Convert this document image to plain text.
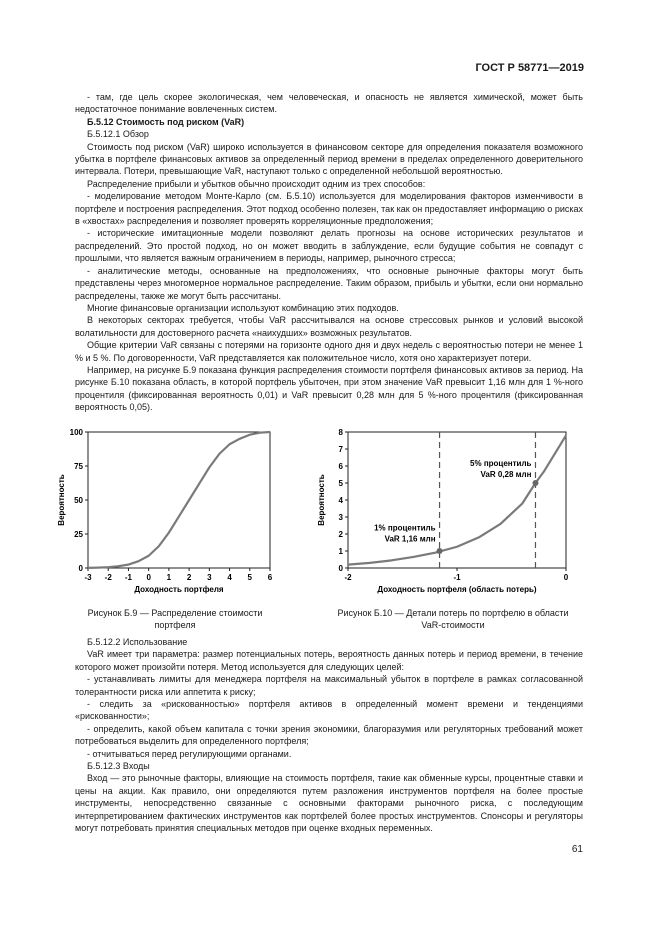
ГОСТ Р 58771—2019

- там, где цель скорее экологическая, чем человеческая, и опасность не является химической, может быть недостаточное понимание вовлеченных систем.

Б.5.12 Стоимость под риском (VaR)

Б.5.12.1 Обзор

Стоимость под риском (VaR) широко используется в финансовом секторе для определения показателя возможного убытка в портфеле финансовых активов за определенный период времени в пределах определенного доверительного интервала. Потери, превышающие VaR, наступают только с определенной небольшой вероятностью.

Распределение прибыли и убытков обычно происходит одним из трех способов:

- моделирование методом Монте-Карло (см. Б.5.10) используется для моделирования факторов изменчивости в портфеле и построения распределения. Этот подход особенно полезен, так как он предоставляет информацию о рисках в «хвостах» распределения и позволяет проверять корреляционные предположения;

- исторические имитационные модели позволяют делать прогнозы на основе исторических результатов и распределений. Это простой подход, но он может вводить в заблуждение, если будущие события не совпадут с прошлыми, что является важным ограничением в периоды, например, рыночного стресса;

- аналитические методы, основанные на предположениях, что основные рыночные факторы могут быть представлены через многомерное нормальное распределение. Таким образом, прибыль и убытки, если они нормально распределены, также же могут быть рассчитаны.

Многие финансовые организации используют комбинацию этих подходов.

В некоторых секторах требуется, чтобы VaR рассчитывался на основе стрессовых рынков и условий высокой волатильности для достоверного расчета «наихудших» возможных результатов.

Общие критерии VaR связаны с потерями на горизонте одного дня и двух недель с вероятностью потери не менее 1 % и 5 %. По договоренности, VaR представляется как положительное число, хотя оно характеризует потери.

Например, на рисунке Б.9 показана функция распределения стоимости портфеля финансовых активов за период. На рисунке Б.10 показана область, в которой портфель убыточен, при этом значение VaR превысит 1,16 млн для 1 %-ного процентиля (фиксированная вероятность 0,01) и VaR превысит 0,28 млн для 5 %-ного процентиля (фиксированная вероятность 0,05).

0
25
50
75
100
-3 -2 -1 0 1 2 3 4 5 6
Доходность портфеля
Вероятность
0
1
2
3
4
5
6
7
8
-2	-1	0
Доходность портфеля (область потерь)
Вероятность
1% процентиль
VaR 1,16 млн
5% процентиль
VaR 0,28 млн
Рисунок Б.9 — Распределение стоимости
портфеля
Рисунок Б.10 — Детали потерь по портфелю в области
VaR-стоимости

Б.5.12.2 Использование

VaR имеет три параметра: размер потенциальных потерь, вероятность данных потерь и период времени, в течение которого может произойти потеря. Метод используется для следующих целей:

- устанавливать лимиты для менеджера портфеля на максимальный убыток в портфеле в рамках согласованной толерантности риска или аппетита к риску;

- следить за «рискованностью» портфеля активов в определенный момент времени и тенденциями «рискованности»;

- определить, какой объем капитала с точки зрения экономики, благоразумия или регуляторных требований может потребоваться выделить для определенного портфеля;

- отчитываться перед регулирующими органами.

Б.5.12.3 Входы

Вход — это рыночные факторы, влияющие на стоимость портфеля, такие как обменные курсы, процентные ставки и цены на акции. Как правило, они определяются путем разложения инструментов портфеля на более простые инструменты, непосредственно связанные с основными факторами рыночного риска, с последующим интерпретированием фактических инструментов как портфелей более простых инструментов. Спонсоры и регуляторы могут потребовать принятия специальных методов при оценке входных переменных.

61
